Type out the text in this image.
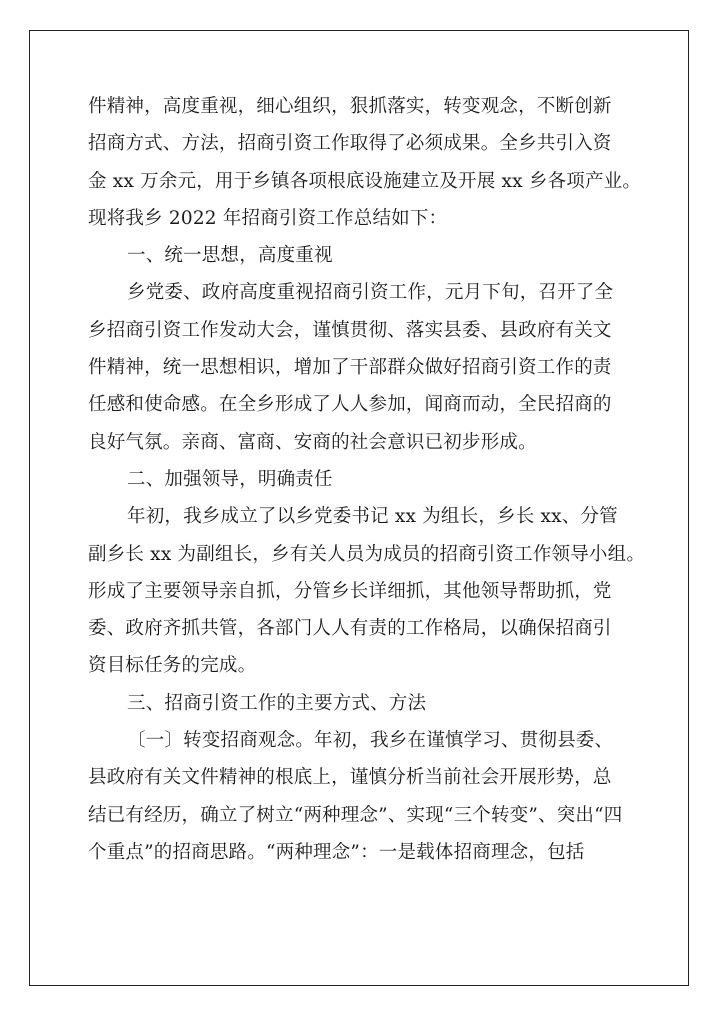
件精神，高度重视，细心组织，狠抓落实，转变观念，不断创新
招商方式、方法，招商引资工作取得了必须成果。全乡共引入资
金 xx 万余元，用于乡镇各项根底设施建立及开展 xx 乡各项产业。
现将我乡 2022 年招商引资工作总结如下：
一、统一思想，高度重视
乡党委、政府高度重视招商引资工作，元月下旬，召开了全
乡招商引资工作发动大会，谨慎贯彻、落实县委、县政府有关文
件精神，统一思想相识，增加了干部群众做好招商引资工作的责
任感和使命感。在全乡形成了人人参加，闻商而动，全民招商的
良好气氛。亲商、富商、安商的社会意识已初步形成。
二、加强领导，明确责任
年初，我乡成立了以乡党委书记 xx 为组长，乡长 xx、分管
副乡长 xx 为副组长，乡有关人员为成员的招商引资工作领导小组。
形成了主要领导亲自抓，分管乡长详细抓，其他领导帮助抓，党
委、政府齐抓共管，各部门人人有责的工作格局，以确保招商引
资目标任务的完成。
三、招商引资工作的主要方式、方法
〔一〕转变招商观念。年初，我乡在谨慎学习、贯彻县委、
县政府有关文件精神的根底上，谨慎分析当前社会开展形势，总
结已有经历，确立了树立“两种理念”、实现“三个转变”、突出“四
个重点”的招商思路。“两种理念”：一是载体招商理念，包括
